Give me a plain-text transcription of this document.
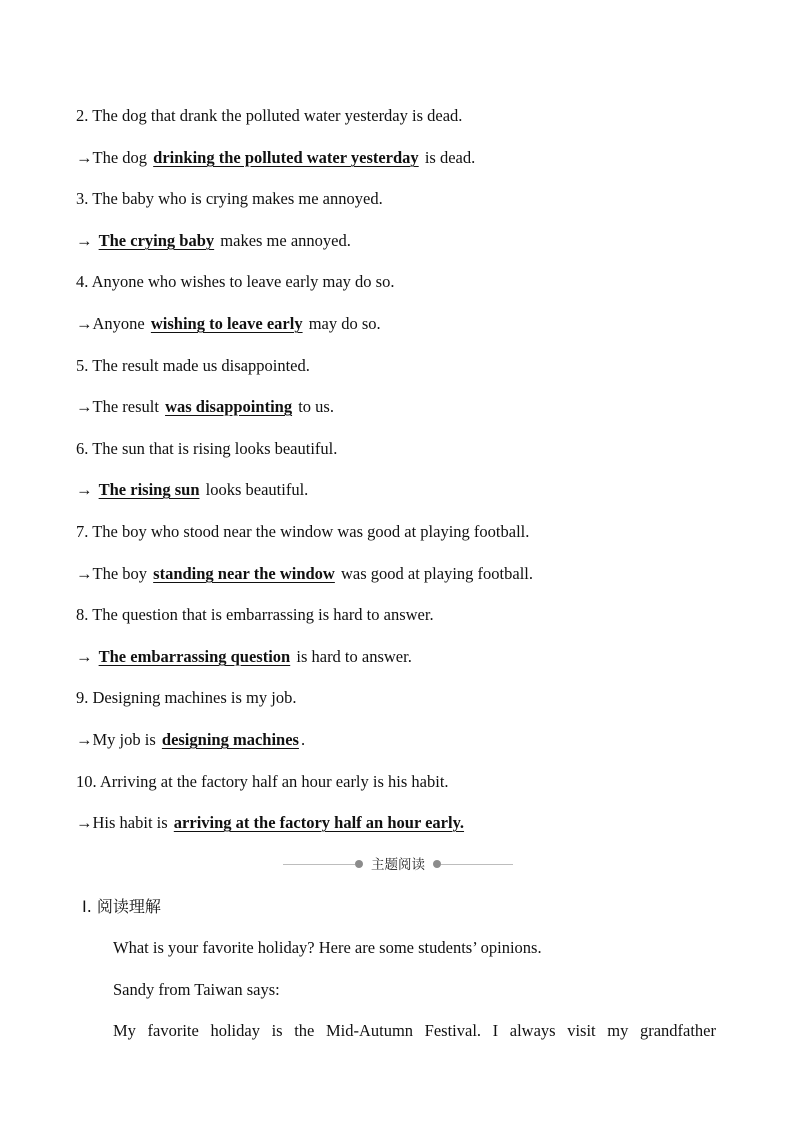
2. The dog that drank the polluted water yesterday is dead.
→The dog drinking the polluted water yesterday is dead.
3. The baby who is crying makes me annoyed.
→ The crying baby makes me annoyed.
4. Anyone who wishes to leave early may do so.
→Anyone wishing to leave early may do so.
5. The result made us disappointed.
→The result was disappointing to us.
6. The sun that is rising looks beautiful.
→ The rising sun looks beautiful.
7. The boy who stood near the window was good at playing football.
→The boy standing near the window was good at playing football.
8. The question that is embarrassing is hard to answer.
→ The embarrassing question is hard to answer.
9. Designing machines is my job.
→My job is designing machines .
10. Arriving at the factory half an hour early is his habit.
→His habit is arriving at the factory half an hour early.
主题阅读
Ⅰ. 阅读理解
What is your favorite holiday? Here are some students’ opinions.
Sandy from Taiwan says:
My favorite holiday is the Mid-Autumn Festival. I always visit my grandfather
